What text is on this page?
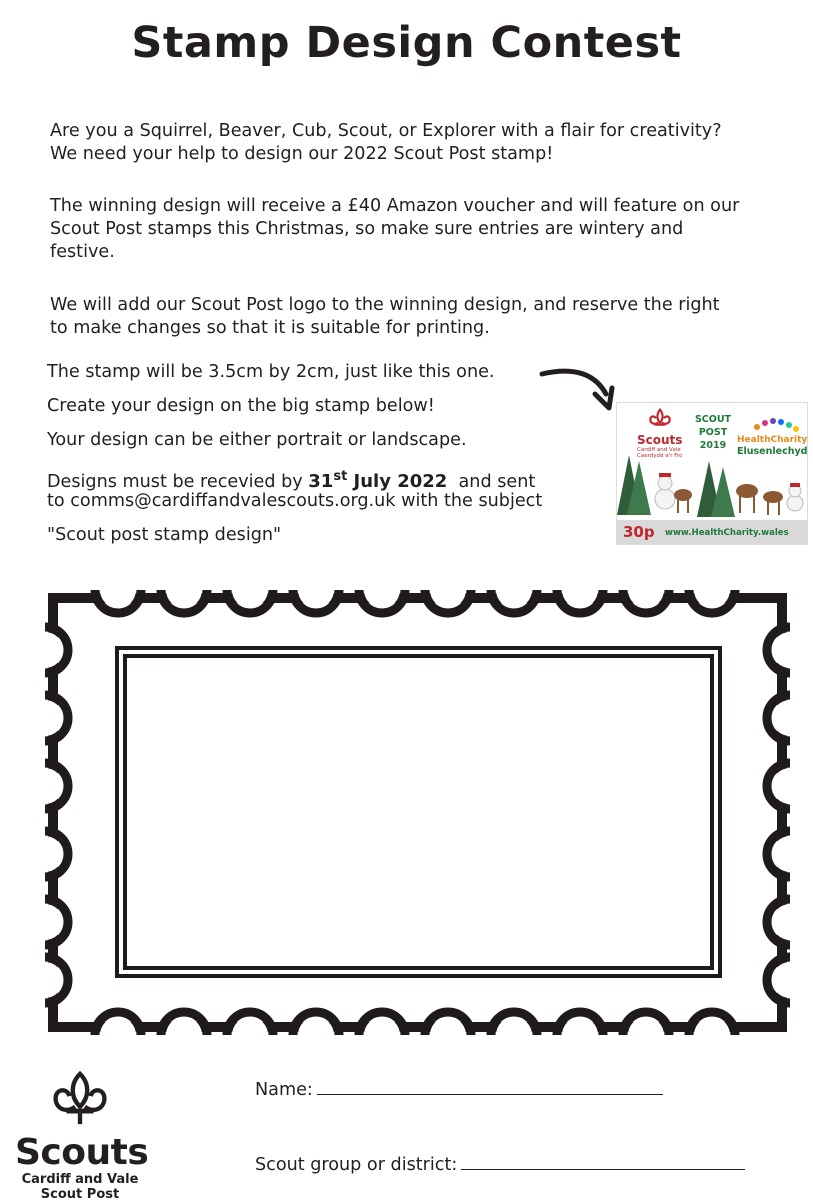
Stamp Design Contest
Are you a Squirrel, Beaver, Cub, Scout, or Explorer with a flair for creativity?
We need your help to design our 2022 Scout Post stamp!
The winning design will receive a £40 Amazon voucher and will feature on our
Scout Post stamps this Christmas, so make sure entries are wintery and
festive.
We will add our Scout Post logo to the winning design, and reserve the right
to make changes so that it is suitable for printing.
The stamp will be 3.5cm by 2cm, just like this one.
Create your design on the big stamp below!
Your design can be either portrait or landscape.
Designs must be recevied by 31st July 2022  and sent
to comms@cardiffandvalescouts.org.uk with the subject
"Scout post stamp design"
Scouts
Cardiff and Vale Caerdydd a'r Fro
SCOUT
POST
2019	HealthCharity
Elusenlechyd
30p www.HealthCharity.wales
Scouts
Cardiff and Vale
Scout Post
Name:
Scout group or district:
